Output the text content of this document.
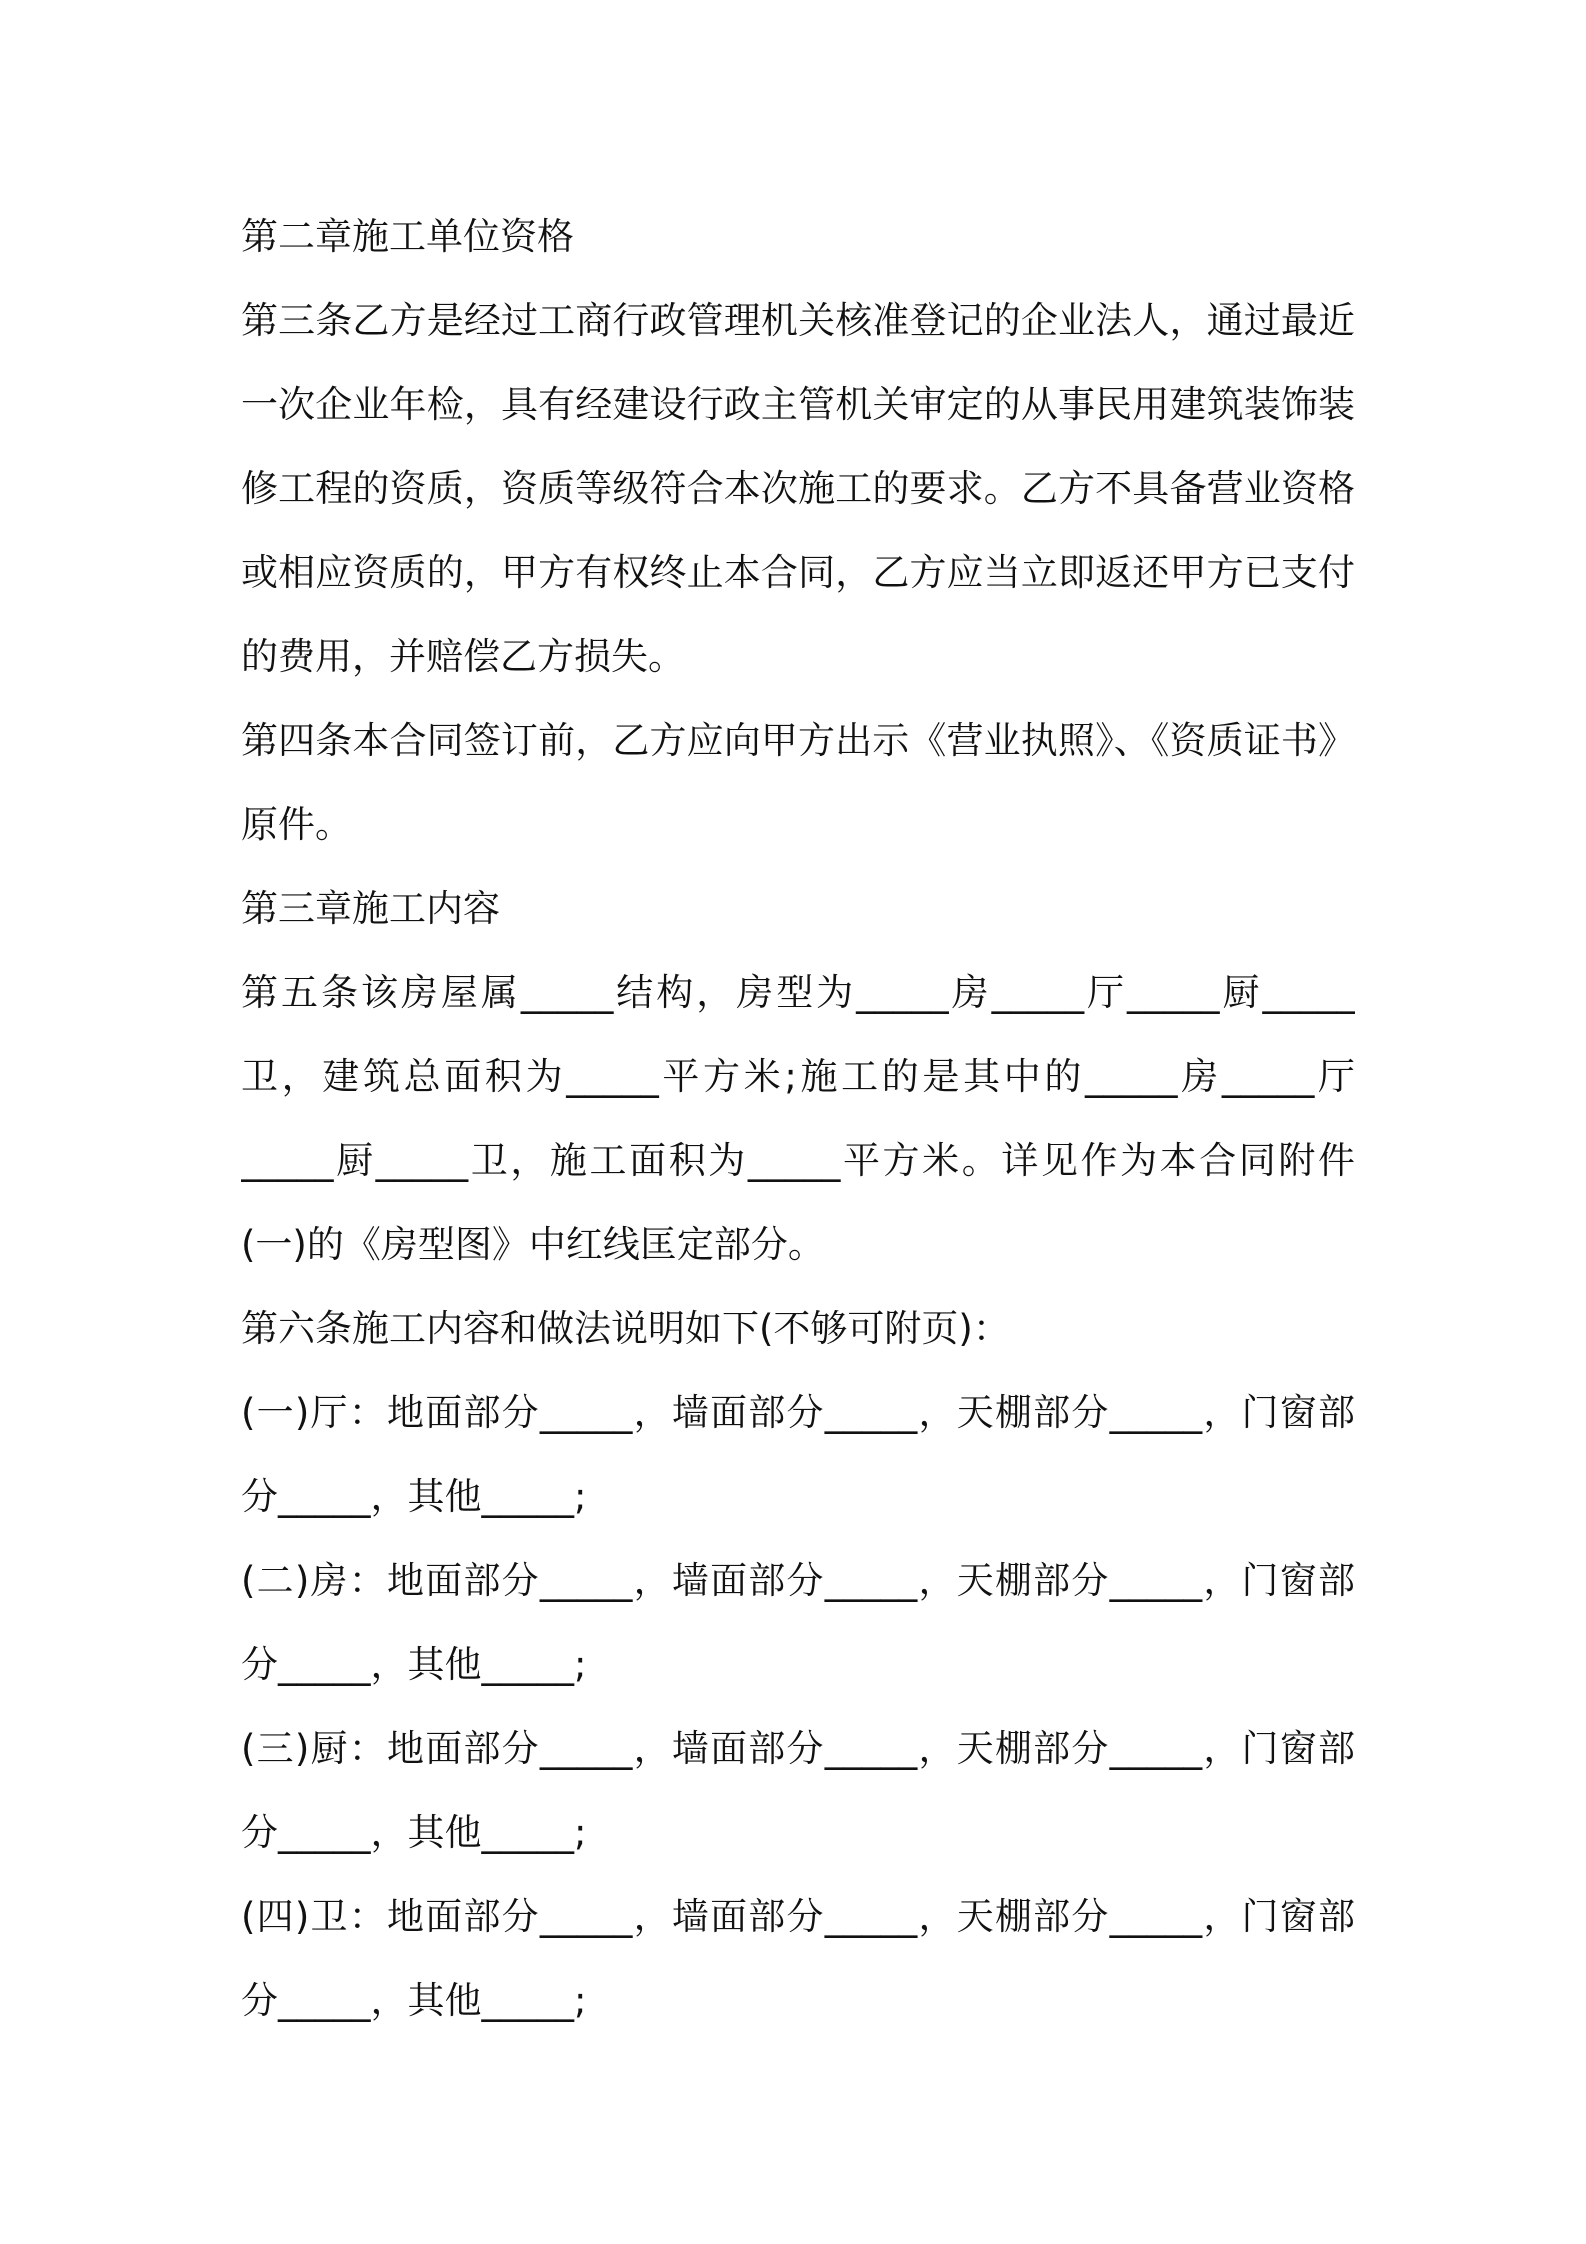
第二章施工单位资格
第三条乙方是经过工商行政管理机关核准登记的企业法人，通过最近
一次企业年检，具有经建设行政主管机关审定的从事民用建筑装饰装
修工程的资质，资质等级符合本次施工的要求。乙方不具备营业资格
或相应资质的，甲方有权终止本合同，乙方应当立即返还甲方已支付
的费用，并赔偿乙方损失。
第四条本合同签订前，乙方应向甲方出示《营业执照》、《资质证书》
原件。
第三章施工内容
第五条该房屋属_____结构，房型为_____房_____厅_____厨_____
卫，建筑总面积为_____平方米;施工的是其中的_____房_____厅
_____厨_____卫，施工面积为_____平方米。详见作为本合同附件
(一)的《房型图》中红线匡定部分。
第六条施工内容和做法说明如下(不够可附页)：
(一)厅：地面部分_____，墙面部分_____，天棚部分_____，门窗部
分_____，其他_____;
(二)房：地面部分_____，墙面部分_____，天棚部分_____，门窗部
分_____，其他_____;
(三)厨：地面部分_____，墙面部分_____，天棚部分_____，门窗部
分_____，其他_____;
(四)卫：地面部分_____，墙面部分_____，天棚部分_____，门窗部
分_____，其他_____;
